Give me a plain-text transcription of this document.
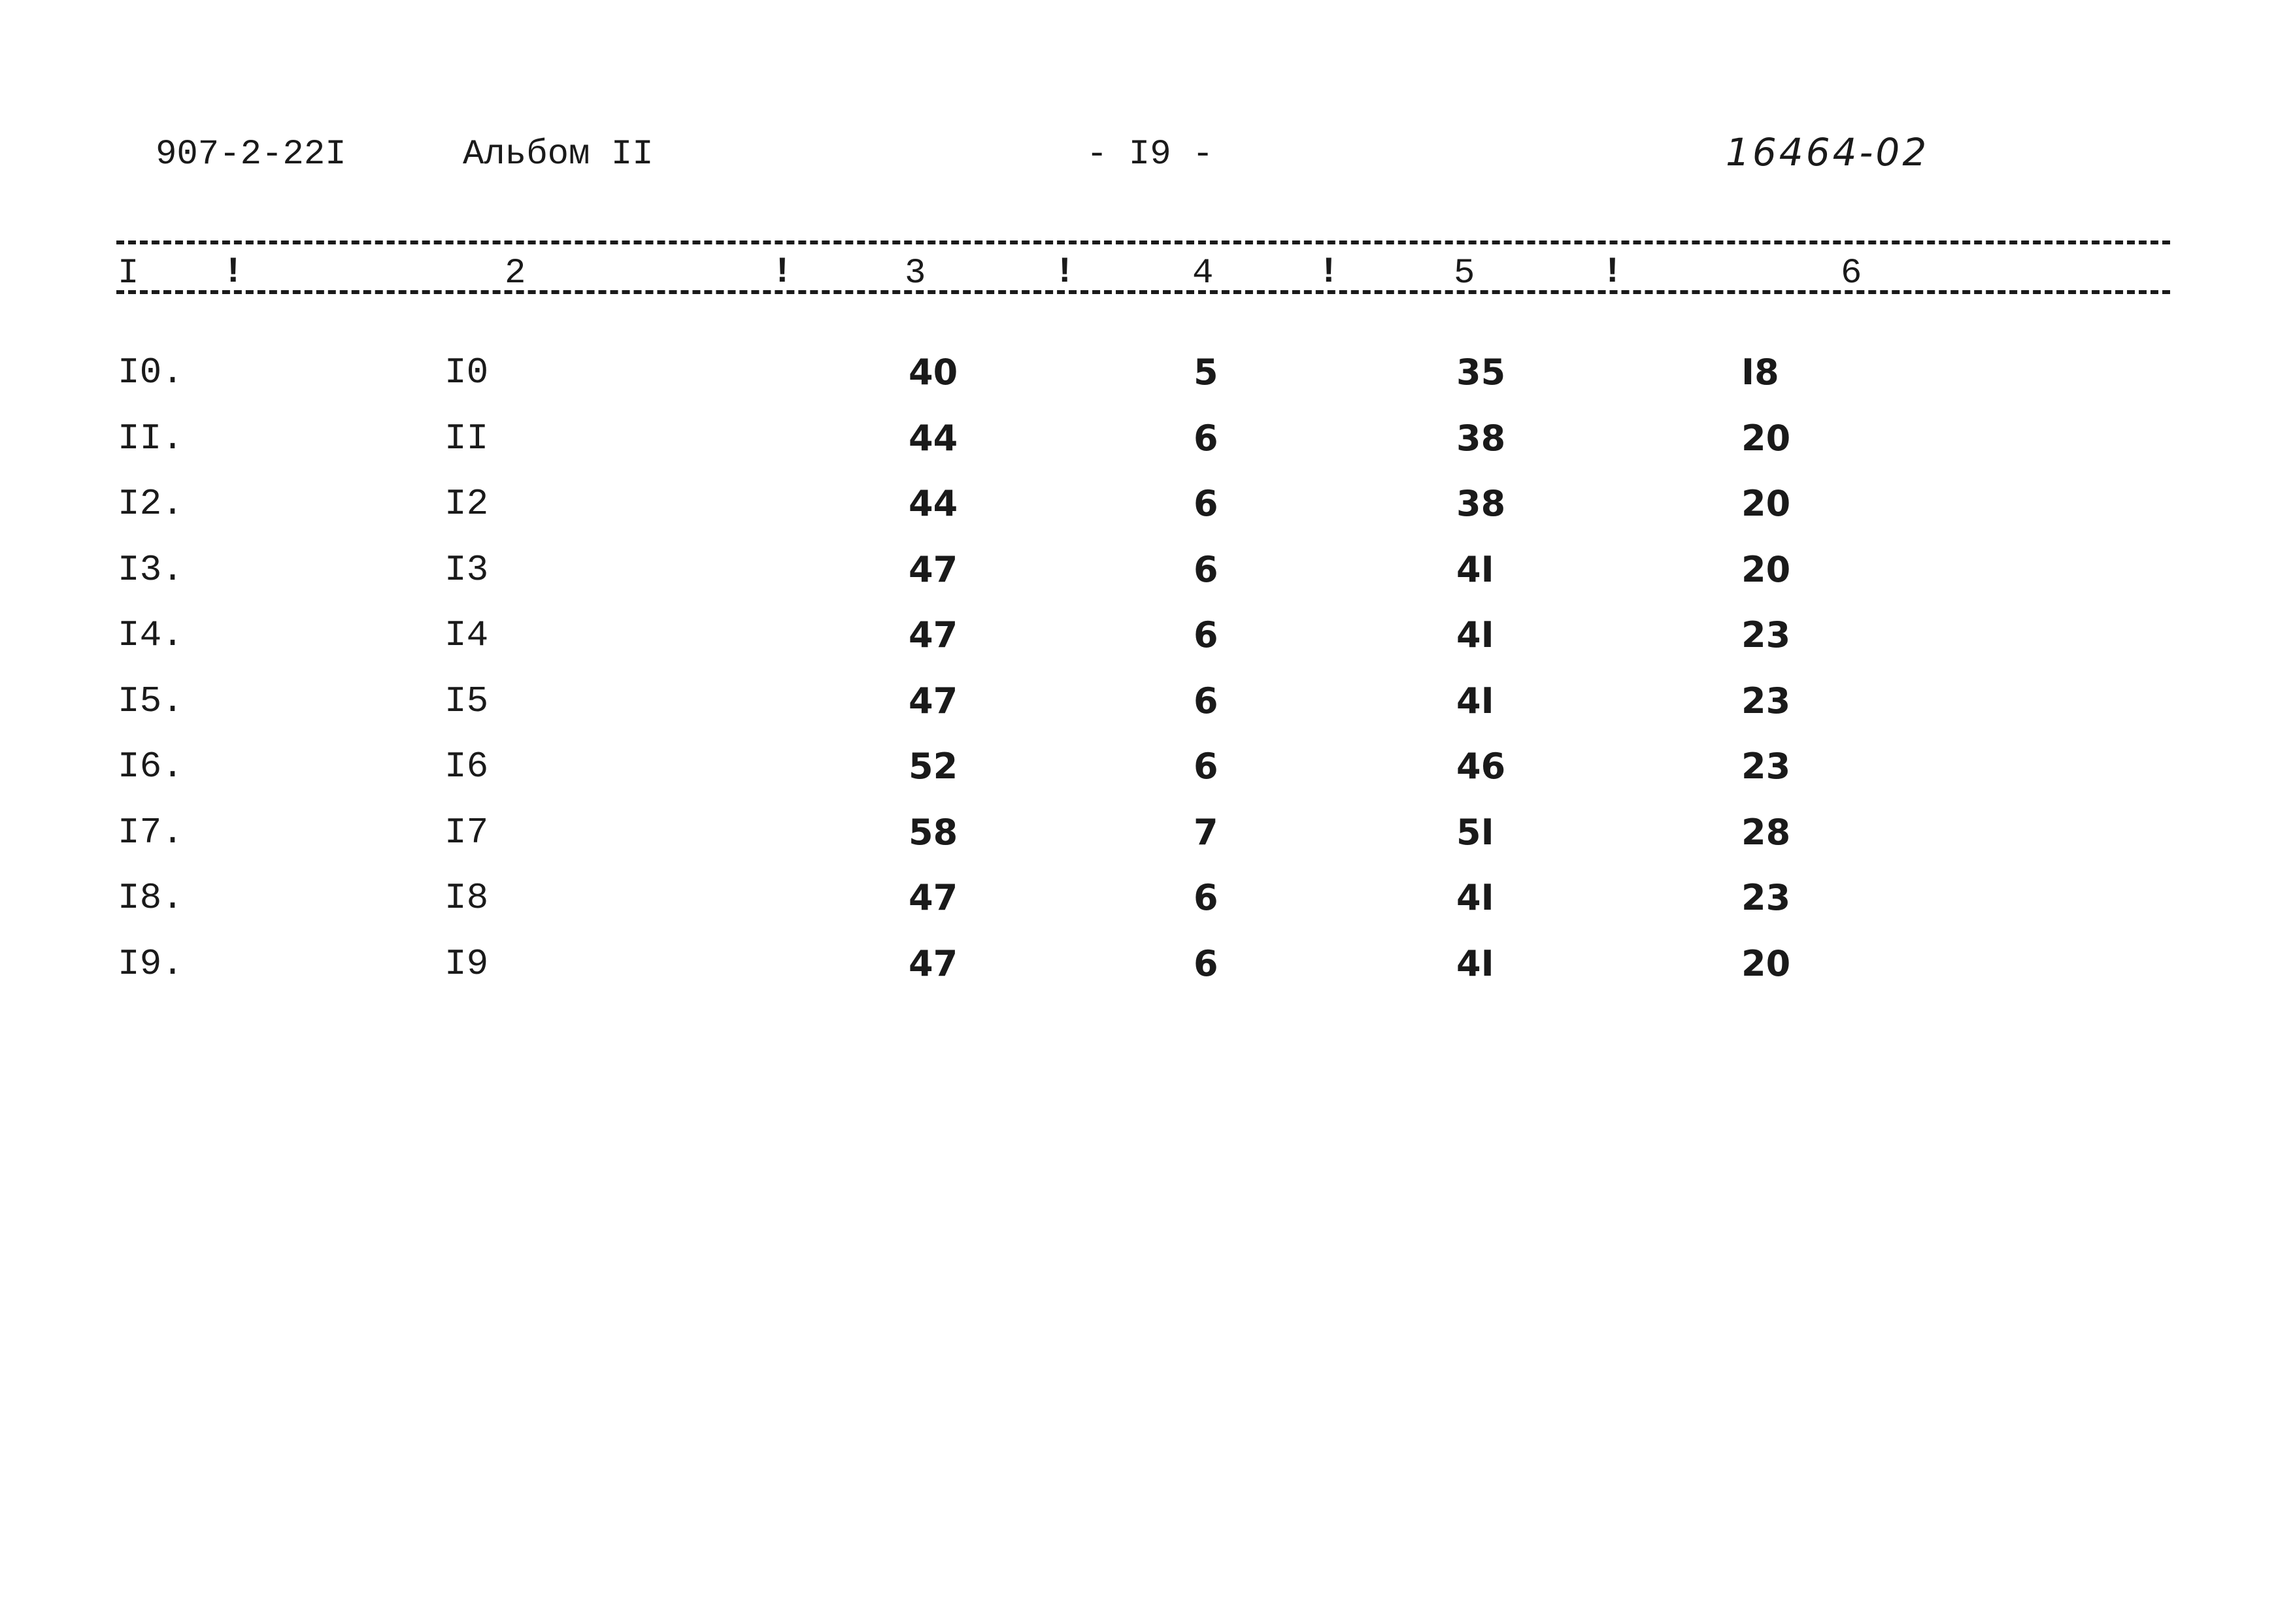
907-2-22I	Альбом II	- I9 -	16464-02
I !	2	!	3	!	4	!	5	!	6
I0.	I0	40	5	35	I8
II.	II	44	6	38	20
I2.	I2	44	6	38	20
I3.	I3	47	6	4I	20
I4.	I4	47	6	4I	23
I5.	I5	47	6	4I	23
I6.	I6	52	6	46	23
I7.	I7	58	7	5I	28
I8.	I8	47	6	4I	23
I9.	I9	47	6	4I	20
